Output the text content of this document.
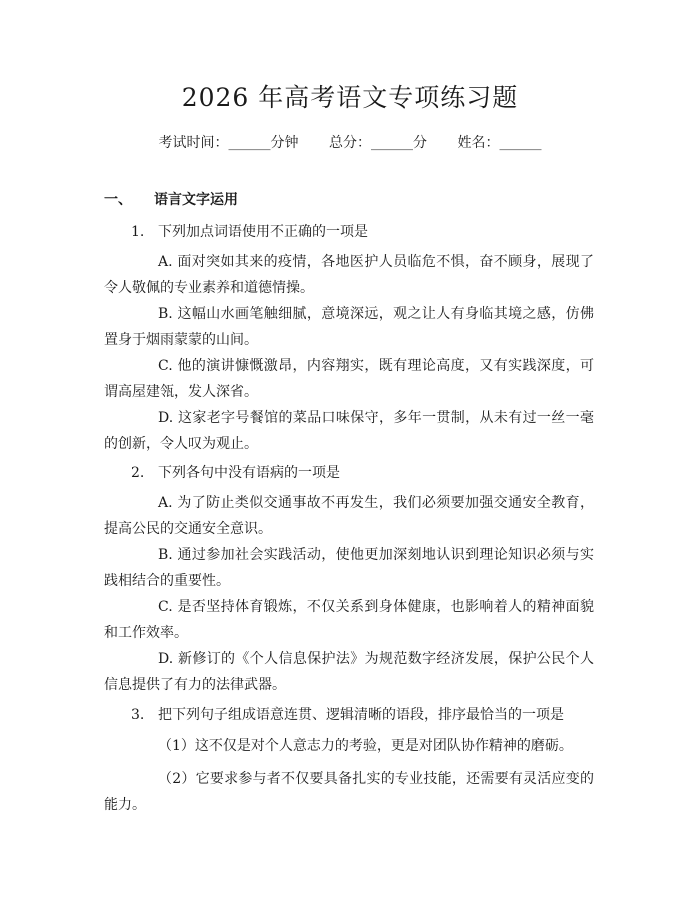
2026 年高考语文专项练习题
考试时间：______分钟 总分：______分 姓名：______
一、 语言文字运用
1. 下列加点词语使用不正确的一项是
A. 面对突如其来的疫情，各地医护人员临危不惧，奋不顾身，展现了令人敬佩的专业素养和道德情操。
B. 这幅山水画笔触细腻，意境深远，观之让人有身临其境之感，仿佛置身于烟雨蒙蒙的山间。
C. 他的演讲慷慨激昂，内容翔实，既有理论高度，又有实践深度，可谓高屋建瓴，发人深省。
D. 这家老字号餐馆的菜品口味保守，多年一贯制，从未有过一丝一毫的创新，令人叹为观止。
2. 下列各句中没有语病的一项是
A. 为了防止类似交通事故不再发生，我们必须要加强交通安全教育，提高公民的交通安全意识。
B. 通过参加社会实践活动，使他更加深刻地认识到理论知识必须与实践相结合的重要性。
C. 是否坚持体育锻炼，不仅关系到身体健康，也影响着人的精神面貌和工作效率。
D. 新修订的《个人信息保护法》为规范数字经济发展，保护公民个人信息提供了有力的法律武器。
3. 把下列句子组成语意连贯、逻辑清晰的语段，排序最恰当的一项是
（1）这不仅是对个人意志力的考验，更是对团队协作精神的磨砺。
（2）它要求参与者不仅要具备扎实的专业技能，还需要有灵活应变的能力。
